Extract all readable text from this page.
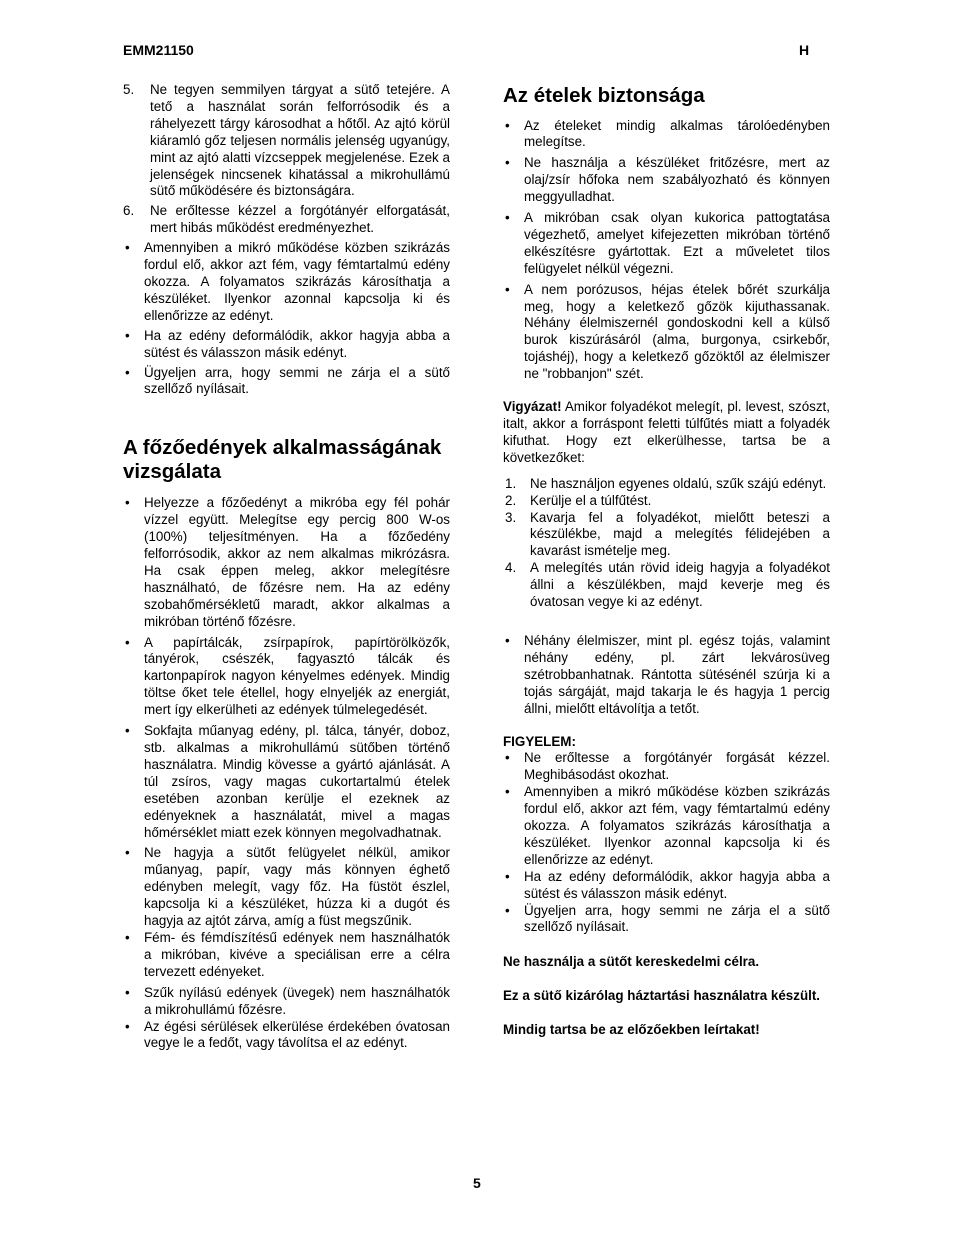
EMM21150	H
5. Ne tegyen semmilyen tárgyat a sütő tetejére. A tető a használat során felforrósodik és a ráhelyezett tárgy károsodhat a hőtől. Az ajtó körül kiáramló gőz teljesen normális jelenség ugyanúgy, mint az ajtó alatti vízcseppek megjelenése. Ezek a jelenségek nincsenek kihatással a mikrohullámú sütő működésére és biztonságára.
6. Ne erőltesse kézzel a forgótányér elforgatását, mert hibás működést eredményezhet.
• Amennyiben a mikró működése közben szikrázás fordul elő, akkor azt fém, vagy fémtartalmú edény okozza. A folyamatos szikrázás károsíthatja a készüléket. Ilyenkor azonnal kapcsolja ki és ellenőrizze az edényt.
• Ha az edény deformálódik, akkor hagyja abba a sütést és válasszon másik edényt.
• Ügyeljen arra, hogy semmi ne zárja el a sütő szellőző nyílásait.
A főzőedények alkalmasságának vizsgálata
• Helyezze a főzőedényt a mikróba egy fél pohár vízzel együtt. Melegítse egy percig 800 W-os (100%) teljesítményen. Ha a főzőedény felforrósodik, akkor az nem alkalmas mikrózásra. Ha csak éppen meleg, akkor melegítésre használható, de főzésre nem. Ha az edény szobahőmérsékletű maradt, akkor alkalmas a mikróban történő főzésre.
• A papírtálcák, zsírpapírok, papírtörölközők, tányérok, csészék, fagyasztó tálcák és kartonpapírok nagyon kényelmes edények. Mindig töltse őket tele étellel, hogy elnyeljék az energiát, mert így elkerülheti az edények túlmelegedését.
• Sokfajta műanyag edény, pl. tálca, tányér, doboz, stb. alkalmas a mikrohullámú sütőben történő használatra. Mindig kövesse a gyártó ajánlását. A túl zsíros, vagy magas cukortartalmú ételek esetében azonban kerülje el ezeknek az edényeknek a használatát, mivel a magas hőmérséklet miatt ezek könnyen megolvadhatnak.
• Ne hagyja a sütőt felügyelet nélkül, amikor műanyag, papír, vagy más könnyen éghető edényben melegít, vagy főz. Ha füstöt észlel, kapcsolja ki a készüléket, húzza ki a dugót és hagyja az ajtót zárva, amíg a füst megszűnik.
• Fém- és fémdíszítésű edények nem használhatók a mikróban, kivéve a speciálisan erre a célra tervezett edényeket.
• Szűk nyílású edények (üvegek) nem használhatók a mikrohullámú főzésre.
• Az égési sérülések elkerülése érdekében óvatosan vegye le a fedőt, vagy távolítsa el az edényt.
Az ételek biztonsága
• Az ételeket mindig alkalmas tárolóedényben melegítse.
• Ne használja a készüléket fritőzésre, mert az olaj/zsír hőfoka nem szabályozható és könnyen meggyulladhat.
• A mikróban csak olyan kukorica pattogtatása végezhető, amelyet kifejezetten mikróban történő elkészítésre gyártottak. Ezt a műveletet tilos felügyelet nélkül végezni.
• A nem porózusos, héjas ételek bőrét szurkálja meg, hogy a keletkező gőzök kijuthassanak. Néhány élelmiszernél gondoskodni kell a külső burok kiszúrásáról (alma, burgonya, csirkebőr, tojáshéj), hogy a keletkező gőzöktől az élelmiszer ne "robbanjon" szét.

Vigyázat! Amikor folyadékot melegít, pl. levest, szószt, italt, akkor a forráspont feletti túlfűtés miatt a folyadék kifuthat. Hogy ezt elkerülhesse, tartsa be a következőket:

1. Ne használjon egyenes oldalú, szűk szájú edényt.
2. Kerülje el a túlfűtést.
3. Kavarja fel a folyadékot, mielőtt beteszi a készülékbe, majd a melegítés félidejében a kavarást ismételje meg.
4. A melegítés után rövid ideig hagyja a folyadékot állni a készülékben, majd keverje meg és óvatosan vegye ki az edényt.
• Néhány élelmiszer, mint pl. egész tojás, valamint néhány edény, pl. zárt lekvárosüveg szétrobbanhatnak. Rántotta sütésénél szúrja ki a tojás sárgáját, majd takarja le és hagyja 1 percig állni, mielőtt eltávolítja a tetőt.

FIGYELEM:

• Ne erőltesse a forgótányér forgását kézzel. Meghibásodást okozhat.
• Amennyiben a mikró működése közben szikrázás fordul elő, akkor azt fém, vagy fémtartalmú edény okozza. A folyamatos szikrázás károsíthatja a készüléket. Ilyenkor azonnal kapcsolja ki és ellenőrizze az edényt.
• Ha az edény deformálódik, akkor hagyja abba a sütést és válasszon másik edényt.
• Ügyeljen arra, hogy semmi ne zárja el a sütő szellőző nyílásait.

Ne használja a sütőt kereskedelmi célra.

Ez a sütő kizárólag háztartási használatra készült.

Mindig tartsa be az előzőekben leírtakat!

5
